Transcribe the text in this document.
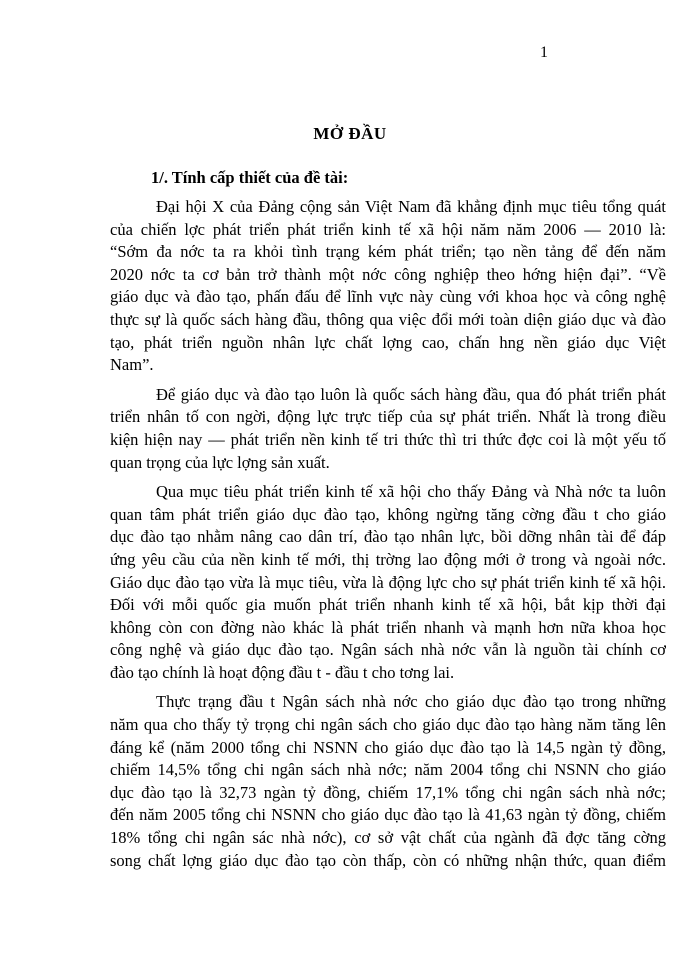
1
MỞ ĐẦU
1/. Tính cấp thiết của đề tài:
Đại hội X của Đảng cộng sản Việt Nam đã khẳng định mục tiêu tổng quát
của chiến lợc phát triển phát triển kinh tế xã hội năm năm 2006 — 2010 là:
“Sớm đa nớc ta ra khỏi tình trạng kém phát triển; tạo nền tảng để đến năm
2020 nớc ta cơ bản trở thành một nớc công nghiệp theo hớng hiện đại”. “Về
giáo dục và đào tạo, phấn đấu để lĩnh vực này cùng với khoa học và công nghệ
thực sự là quốc sách hàng đầu, thông qua việc đổi mới toàn diện giáo dục và đào
tạo, phát triển nguồn nhân lực chất lợng cao, chấn hng nền giáo dục Việt
Nam”.
Để giáo dục và đào tạo luôn là quốc sách hàng đầu, qua đó phát triển phát
triển nhân tố con ngời, động lực trực tiếp của sự phát triển. Nhất là trong điều
kiện hiện nay — phát triển nền kinh tế tri thức thì tri thức đợc coi là một yếu tố
quan trọng của lực lợng sản xuất.
Qua mục tiêu phát triển kinh tế xã hội cho thấy Đảng và Nhà nớc ta luôn
quan tâm phát triển giáo dục đào tạo, không ngừng tăng cờng đầu t cho giáo
dục đào tạo nhằm nâng cao dân trí, đào tạo nhân lực, bồi dỡng nhân tài để đáp
ứng yêu cầu của nền kinh tế mới, thị trờng lao động mới ở trong và ngoài nớc.
Giáo dục đào tạo vừa là mục tiêu, vừa là động lực cho sự phát triển kinh tế xã hội.
Đối với mỗi quốc gia muốn phát triển nhanh kinh tế xã hội, bắt kịp thời đại
không còn con đờng nào khác là phát triển nhanh và mạnh hơn nữa khoa học
công nghệ và giáo dục đào tạo. Ngân sách nhà nớc vẫn là nguồn tài chính cơ
đào tạo chính là hoạt động đầu t - đầu t cho tơng lai.
Thực trạng đầu t Ngân sách nhà nớc cho giáo dục đào tạo trong những
năm qua cho thấy tỷ trọng chi ngân sách cho giáo dục đào tạo hàng năm tăng lên
đáng kể (năm 2000 tổng chi NSNN cho giáo dục đào tạo là 14,5 ngàn tỷ đồng,
chiếm 14,5% tổng chi ngân sách nhà nớc; năm 2004 tổng chi NSNN cho giáo
dục đào tạo là 32,73 ngàn tỷ đồng, chiếm 17,1% tổng chi ngân sách nhà nớc;
đến năm 2005 tổng chi NSNN cho giáo dục đào tạo là 41,63 ngàn tỷ đồng, chiếm
18% tổng chi ngân sác nhà nớc), cơ sở vật chất của ngành đã đợc tăng cờng
song chất lợng giáo dục đào tạo còn thấp, còn có những nhận thức, quan điểm
